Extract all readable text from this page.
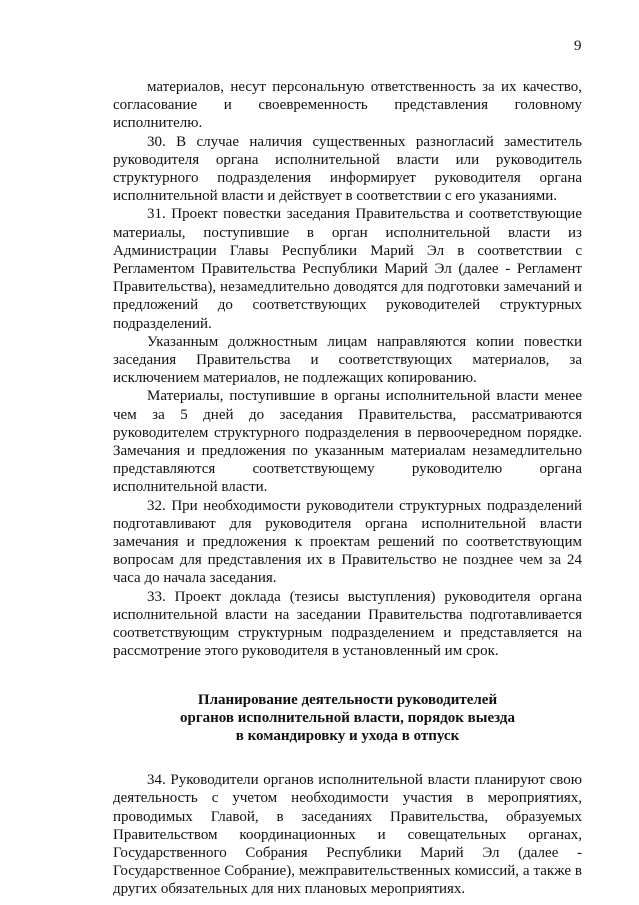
9

материалов, несут персональную ответственность за их качество, согласование и своевременность представления головному исполнителю.

30. В случае наличия существенных разногласий заместитель руководителя органа исполнительной власти или руководитель структурного подразделения информирует руководителя органа исполнительной власти и действует в соответствии с его указаниями.

31. Проект повестки заседания Правительства и соответствующие материалы, поступившие в орган исполнительной власти из Администрации Главы Республики Марий Эл в соответствии с Регламентом Правительства Республики Марий Эл (далее - Регламент Правительства), незамедлительно доводятся для подготовки замечаний и предложений до соответствующих руководителей структурных подразделений.

Указанным должностным лицам направляются копии повестки заседания Правительства и соответствующих материалов, за исключением материалов, не подлежащих копированию.

Материалы, поступившие в органы исполнительной власти менее чем за 5 дней до заседания Правительства, рассматриваются руководителем структурного подразделения в первоочередном порядке. Замечания и предложения по указанным материалам незамедлительно представляются соответствующему руководителю органа исполнительной власти.

32. При необходимости руководители структурных подразделений подготавливают для руководителя органа исполнительной власти замечания и предложения к проектам решений по соответствующим вопросам для представления их в Правительство не позднее чем за 24 часа до начала заседания.

33. Проект доклада (тезисы выступления) руководителя органа исполнительной власти на заседании Правительства подготавливается соответствующим структурным подразделением и представляется на рассмотрение этого руководителя в установленный им срок.

Планирование деятельности руководителей
органов исполнительной власти, порядок выезда
в командировку и ухода в отпуск

34. Руководители органов исполнительной власти планируют свою деятельность с учетом необходимости участия в мероприятиях, проводимых Главой, в заседаниях Правительства, образуемых Правительством координационных и совещательных органах, Государственного Собрания Республики Марий Эл (далее - Государственное Собрание), межправительственных комиссий, а также в других обязательных для них плановых мероприятиях.
